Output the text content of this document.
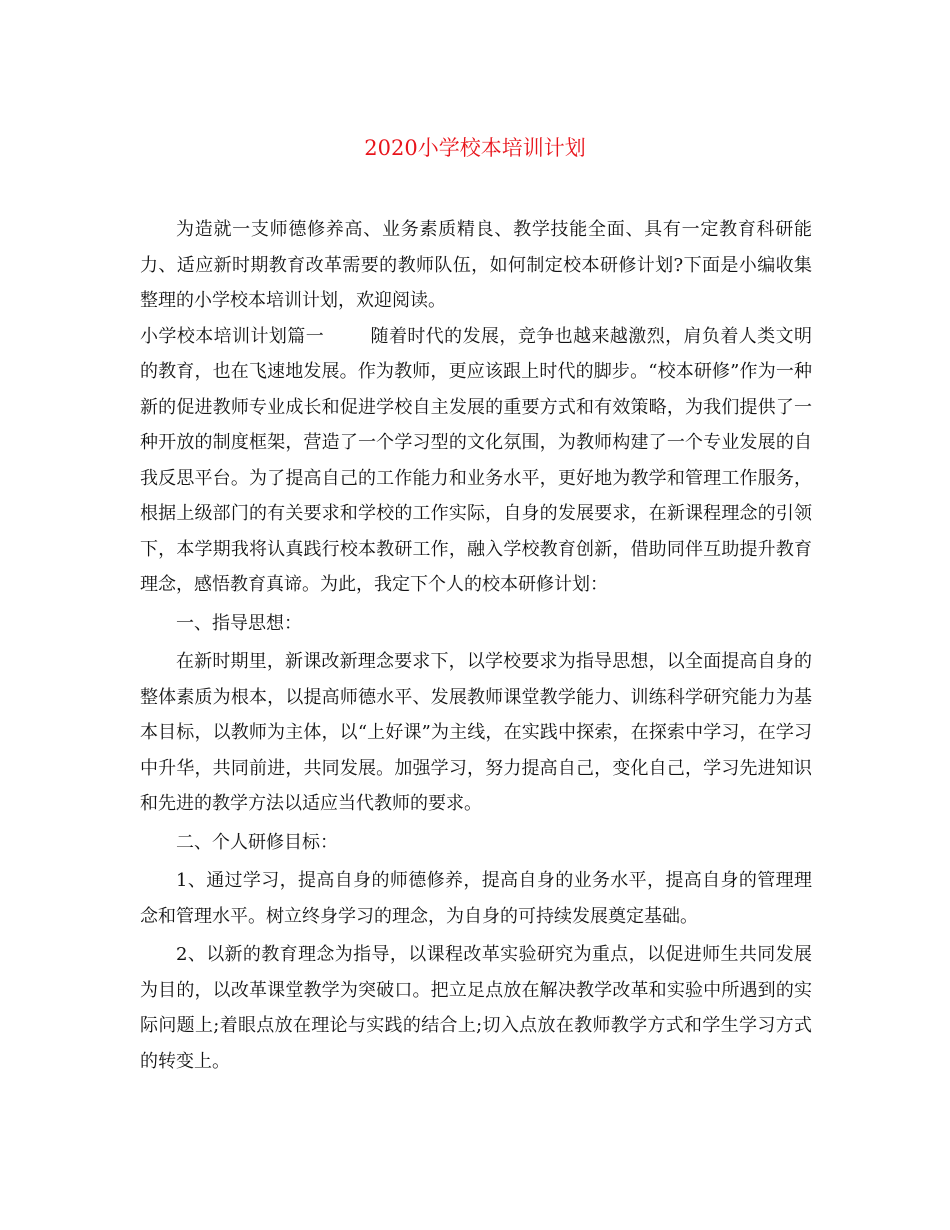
2020小学校本培训计划

为造就一支师德修养高、业务素质精良、教学技能全面、具有一定教育科研能力、适应新时期教育改革需要的教师队伍，如何制定校本研修计划?下面是小编收集整理的小学校本培训计划，欢迎阅读。

小学校本培训计划篇一	随着时代的发展，竞争也越来越激烈，肩负着人类文明的教育，也在飞速地发展。作为教师，更应该跟上时代的脚步。“校本研修”作为一种新的促进教师专业成长和促进学校自主发展的重要方式和有效策略，为我们提供了一种开放的制度框架，营造了一个学习型的文化氛围，为教师构建了一个专业发展的自我反思平台。为了提高自己的工作能力和业务水平，更好地为教学和管理工作服务，根据上级部门的有关要求和学校的工作实际，自身的发展要求，在新课程理念的引领下，本学期我将认真践行校本教研工作，融入学校教育创新，借助同伴互助提升教育理念，感悟教育真谛。为此，我定下个人的校本研修计划：

一、指导思想：

在新时期里，新课改新理念要求下，以学校要求为指导思想，以全面提高自身的整体素质为根本，以提高师德水平、发展教师课堂教学能力、训练科学研究能力为基本目标，以教师为主体，以“上好课”为主线，在实践中探索，在探索中学习，在学习中升华，共同前进，共同发展。加强学习，努力提高自己，变化自己，学习先进知识和先进的教学方法以适应当代教师的要求。

二、个人研修目标：

1、通过学习，提高自身的师德修养，提高自身的业务水平，提高自身的管理理念和管理水平。树立终身学习的理念，为自身的可持续发展奠定基础。

2、以新的教育理念为指导，以课程改革实验研究为重点，以促进师生共同发展为目的，以改革课堂教学为突破口。把立足点放在解决教学改革和实验中所遇到的实际问题上;着眼点放在理论与实践的结合上;切入点放在教师教学方式和学生学习方式的转变上。
